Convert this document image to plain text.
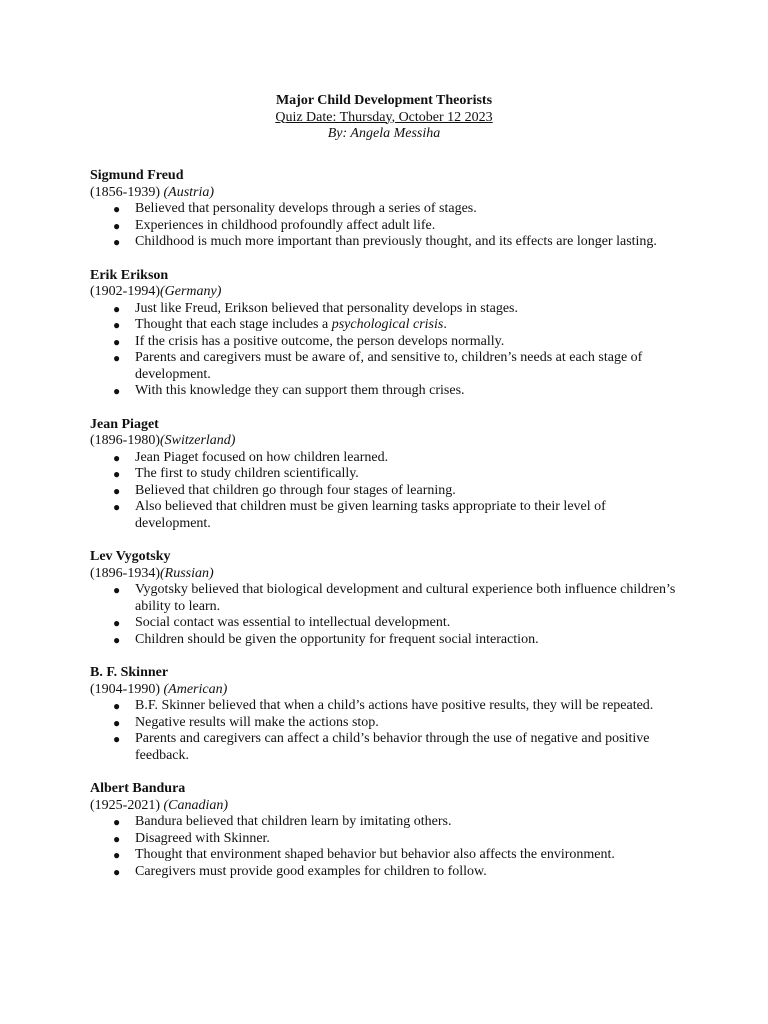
Major Child Development Theorists
Quiz Date: Thursday, October 12 2023
By: Angela Messiha
Sigmund Freud
(1856-1939) (Austria)
● Believed that personality develops through a series of stages.
● Experiences in childhood profoundly affect adult life.
● Childhood is much more important than previously thought, and its effects are longer lasting.
Erik Erikson
(1902-1994)(Germany)
● Just like Freud, Erikson believed that personality develops in stages.
● Thought that each stage includes a psychological crisis.
● If the crisis has a positive outcome, the person develops normally.
● Parents and caregivers must be aware of, and sensitive to, children’s needs at each stage of development.
● With this knowledge they can support them through crises.
Jean Piaget
(1896-1980)(Switzerland)
● Jean Piaget focused on how children learned.
● The first to study children scientifically.
● Believed that children go through four stages of learning.
● Also believed that children must be given learning tasks appropriate to their level of development.
Lev Vygotsky
(1896-1934)(Russian)
● Vygotsky believed that biological development and cultural experience both influence children’s ability to learn.
● Social contact was essential to intellectual development.
● Children should be given the opportunity for frequent social interaction.
B. F. Skinner
(1904-1990) (American)
● B.F. Skinner believed that when a child’s actions have positive results, they will be repeated.
● Negative results will make the actions stop.
● Parents and caregivers can affect a child’s behavior through the use of negative and positive feedback.
Albert Bandura
(1925-2021) (Canadian)
● Bandura believed that children learn by imitating others.
● Disagreed with Skinner.
● Thought that environment shaped behavior but behavior also affects the environment.
● Caregivers must provide good examples for children to follow.
